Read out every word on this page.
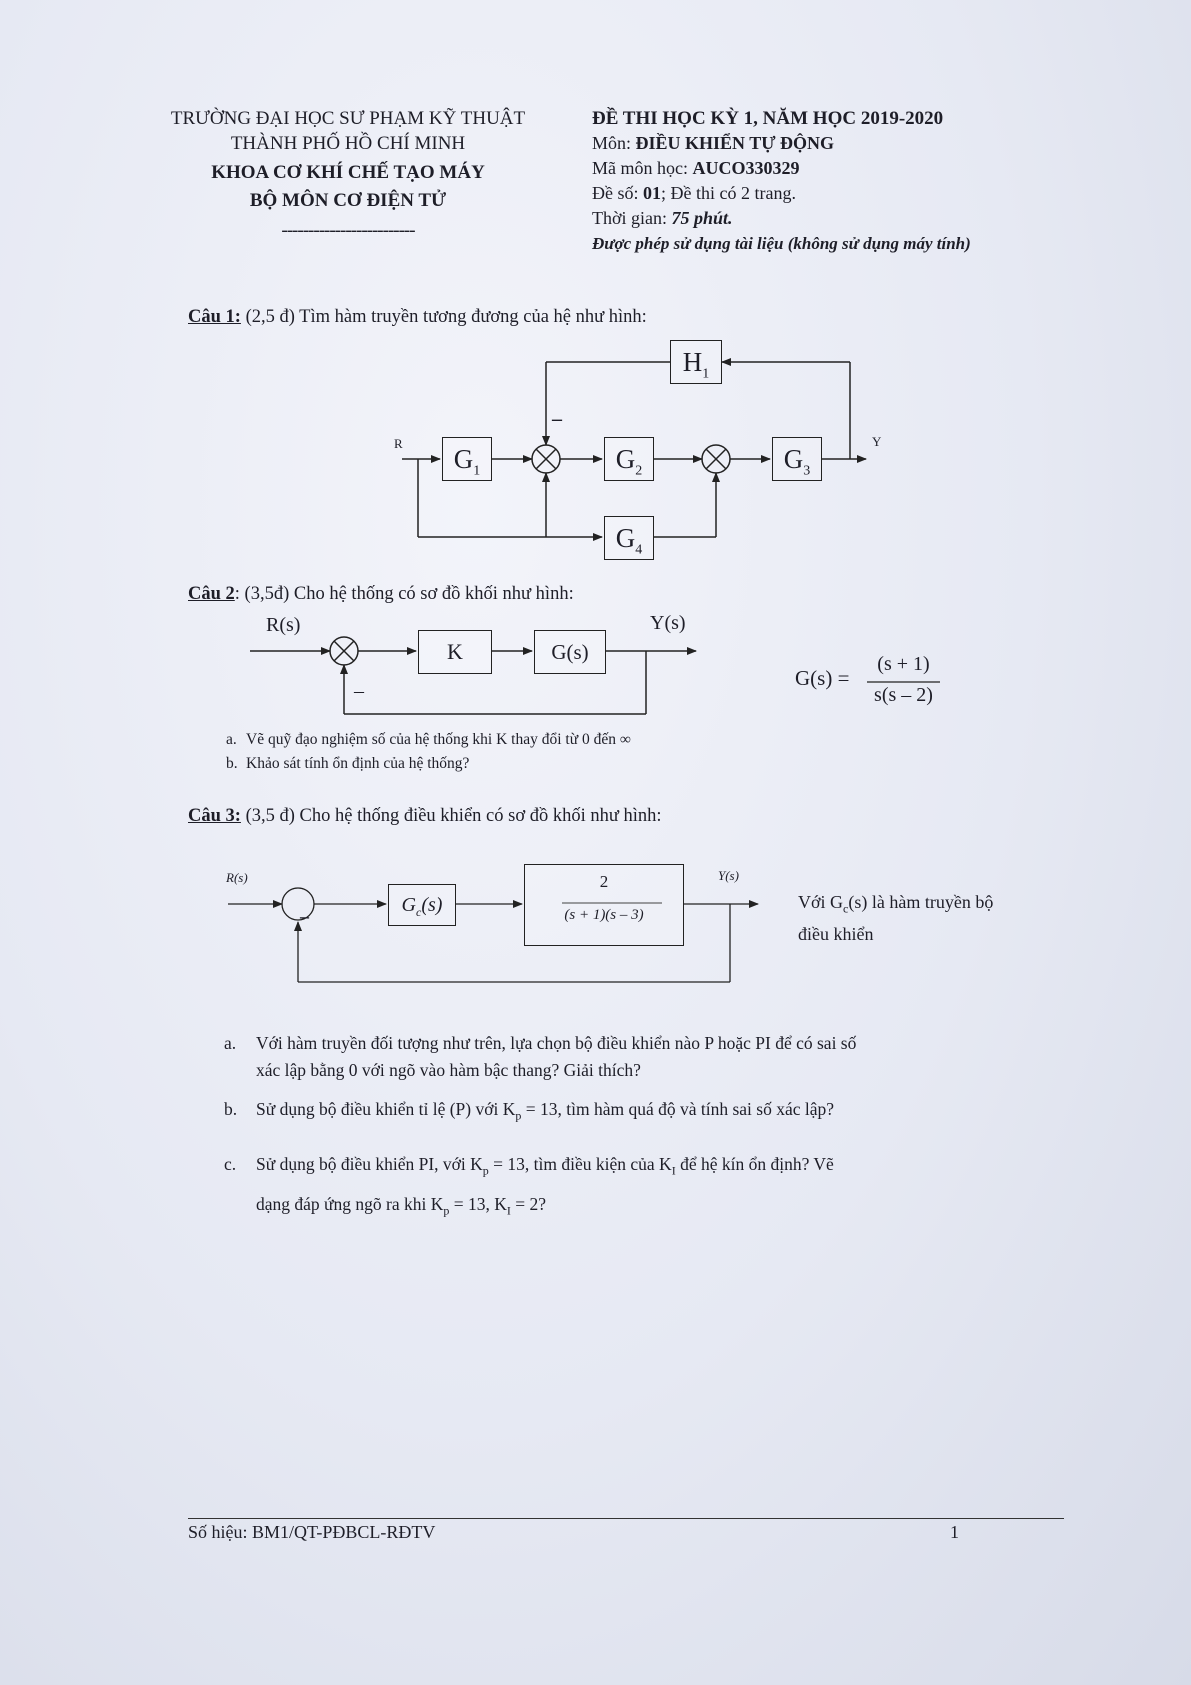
TRƯỜNG ĐẠI HỌC SƯ PHẠM KỸ THUẬT
THÀNH PHỐ HỒ CHÍ MINH
KHOA CƠ KHÍ CHẾ TẠO MÁY
BỘ MÔN CƠ ĐIỆN TỬ
-------------------------
ĐỀ THI HỌC KỲ 1, NĂM HỌC 2019-2020
Môn: ĐIỀU KHIỂN TỰ ĐỘNG
Mã môn học: AUCO330329
Đề số: 01; Đề thi có 2 trang.
Thời gian: 75 phút.
Được phép sử dụng tài liệu (không sử dụng máy tính)
Câu 1: (2,5 đ) Tìm hàm truyền tương đương của hệ như hình:
R	Y
–
$H_1$
$G_1$	$G_2$	$G_3$
$G_4$
Câu 2: (3,5đ) Cho hệ thống có sơ đồ khối như hình:
R(s)	Y(s)
–
K	G(s)
G(s) =
(s + 1)
s(s – 2)
a. Vẽ quỹ đạo nghiệm số của hệ thống khi K thay đổi từ 0 đến ∞
b. Khảo sát tính ổn định của hệ thống?
Câu 3: (3,5 đ) Cho hệ thống điều khiển có sơ đồ khối như hình:
R(s)	Y(s)
–	$G_c(s)$
2
(s + 1)(s – 3)
Với $G_c(s)$ là hàm truyền bộ
điều khiển
a. Với hàm truyền đối tượng như trên, lựa chọn bộ điều khiển nào P hoặc PI để có sai số
xác lập bằng 0 với ngõ vào hàm bậc thang? Giải thích?
b. Sử dụng bộ điều khiển tỉ lệ (P) với $K_p = 13$, tìm hàm quá độ và tính sai số xác lập?
c. Sử dụng bộ điều khiển PI, với $K_p = 13$, tìm điều kiện của $K_I$ để hệ kín ổn định? Vẽ
dạng đáp ứng ngõ ra khi $K_p = 13$, $K_I = 2$?
Số hiệu: BM1/QT-PĐBCL-RĐTV	1
